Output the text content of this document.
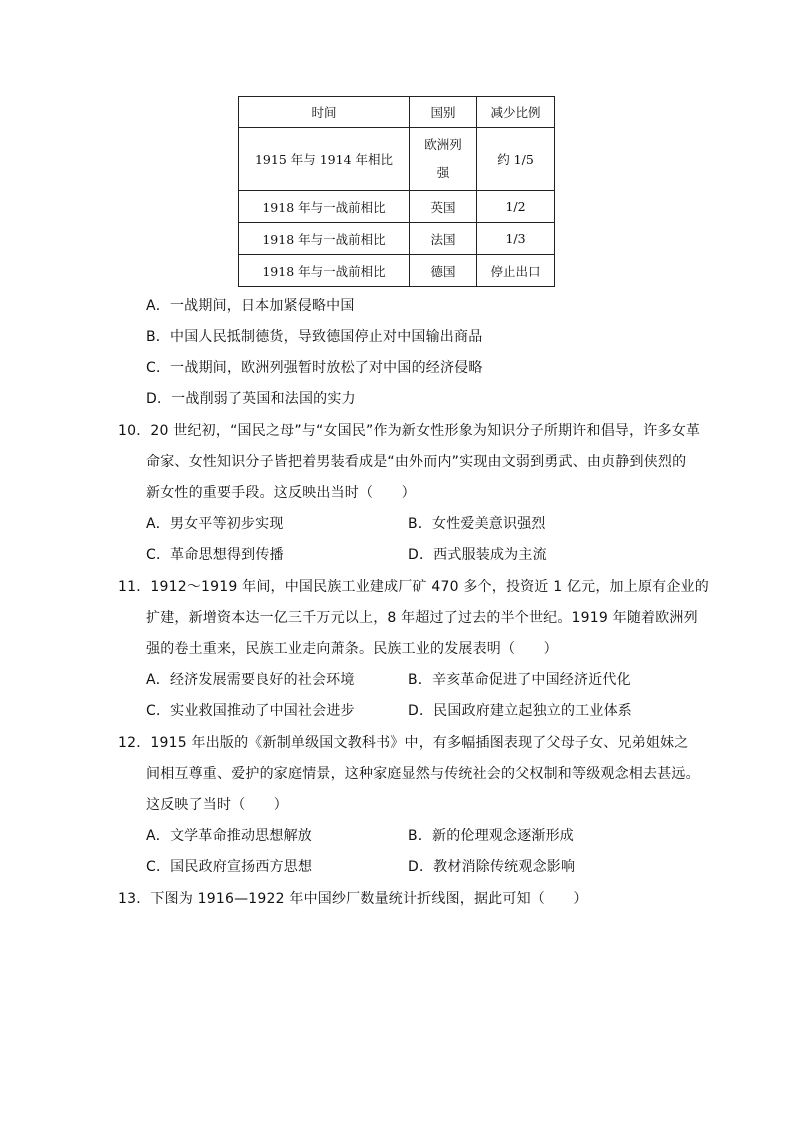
时间	国别	减少比例
1915 年与 1914 年相比	欧洲列强	约 1/5
1918 年与一战前相比	英国	1/2
1918 年与一战前相比	法国	1/3
1918 年与一战前相比	德国	停止出口
A．一战期间，日本加紧侵略中国
B．中国人民抵制德货，导致德国停止对中国输出商品
C．一战期间，欧洲列强暂时放松了对中国的经济侵略
D．一战削弱了英国和法国的实力
10．20 世纪初，“国民之母”与“女国民”作为新女性形象为知识分子所期许和倡导，许多女革
命家、女性知识分子皆把着男装看成是“由外而内”实现由文弱到勇武、由贞静到侠烈的
新女性的重要手段。这反映出当时（　　）
A．男女平等初步实现	B．女性爱美意识强烈
C．革命思想得到传播	D．西式服装成为主流
11．1912～1919 年间，中国民族工业建成厂矿 470 多个，投资近 1 亿元，加上原有企业的
扩建，新增资本达一亿三千万元以上，8 年超过了过去的半个世纪。1919 年随着欧洲列
强的卷土重来，民族工业走向萧条。民族工业的发展表明（　　）
A．经济发展需要良好的社会环境	B．辛亥革命促进了中国经济近代化
C．实业救国推动了中国社会进步	D．民国政府建立起独立的工业体系
12．1915 年出版的《新制单级国文教科书》中，有多幅插图表现了父母子女、兄弟姐妹之
间相互尊重、爱护的家庭情景，这种家庭显然与传统社会的父权制和等级观念相去甚远。
这反映了当时（　　）
A．文学革命推动思想解放	B．新的伦理观念逐渐形成
C．国民政府宣扬西方思想	D．教材消除传统观念影响
13．下图为 1916—1922 年中国纱厂数量统计折线图，据此可知（　　）
